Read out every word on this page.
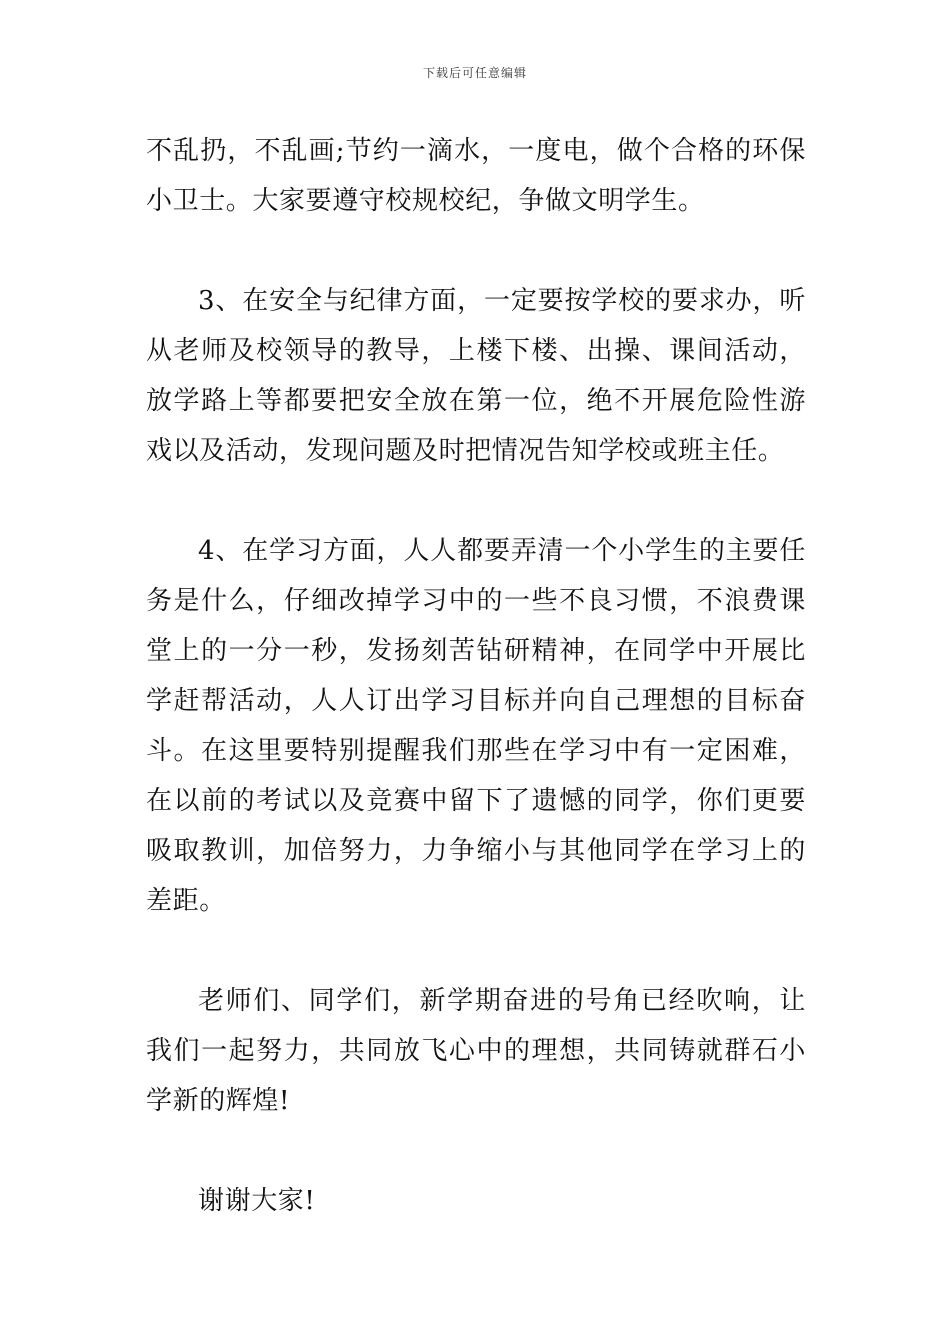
下载后可任意编辑

不乱扔，不乱画;节约一滴水，一度电，做个合格的环保小卫士。大家要遵守校规校纪，争做文明学生。

3、在安全与纪律方面，一定要按学校的要求办，听从老师及校领导的教导，上楼下楼、出操、课间活动，放学路上等都要把安全放在第一位，绝不开展危险性游戏以及活动，发现问题及时把情况告知学校或班主任。

4、在学习方面，人人都要弄清一个小学生的主要任务是什么，仔细改掉学习中的一些不良习惯，不浪费课堂上的一分一秒，发扬刻苦钻研精神，在同学中开展比学赶帮活动，人人订出学习目标并向自己理想的目标奋斗。在这里要特别提醒我们那些在学习中有一定困难，在以前的考试以及竞赛中留下了遗憾的同学，你们更要吸取教训，加倍努力，力争缩小与其他同学在学习上的差距。

老师们、同学们，新学期奋进的号角已经吹响，让我们一起努力，共同放飞心中的理想，共同铸就群石小学新的辉煌!

谢谢大家!
